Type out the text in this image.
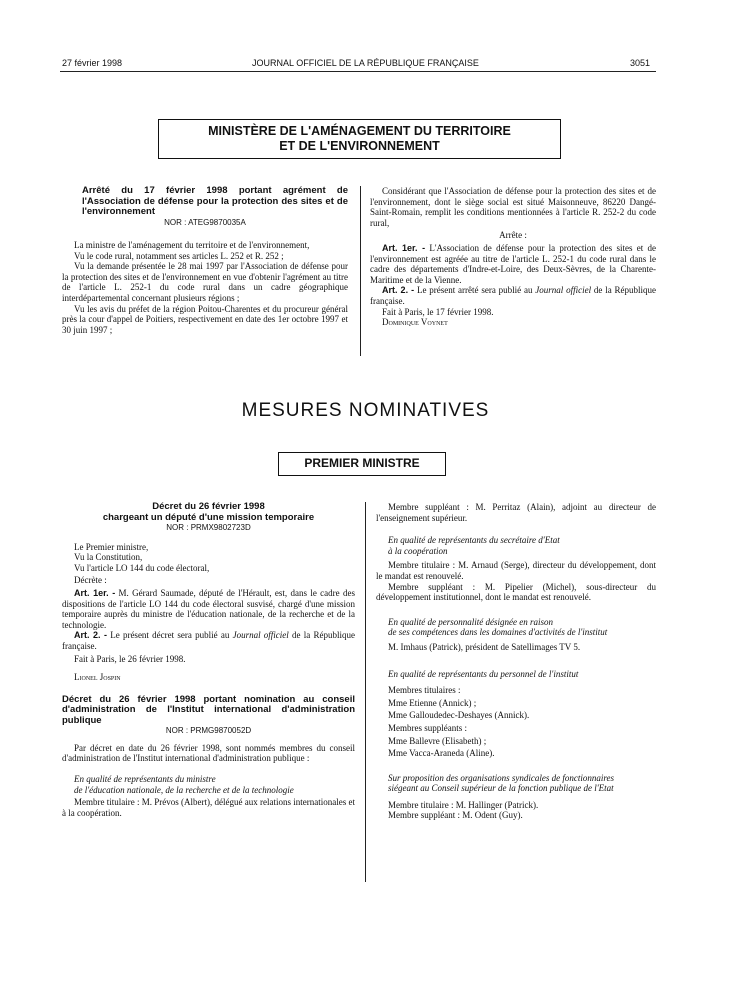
27 février 1998	JOURNAL OFFICIEL DE LA RÉPUBLIQUE FRANÇAISE	3051
MINISTÈRE DE L'AMÉNAGEMENT DU TERRITOIRE
ET DE L'ENVIRONNEMENT

Arrêté du 17 février 1998 portant agrément de l'Association de défense pour la protection des sites et de l'environnement

NOR : ATEG9870035A

La ministre de l'aménagement du territoire et de l'environnement,

Vu le code rural, notamment ses articles L. 252 et R. 252 ;

Vu la demande présentée le 28 mai 1997 par l'Association de défense pour la protection des sites et de l'environnement en vue d'obtenir l'agrément au titre de l'article L. 252-1 du code rural dans un cadre géographique interdépartemental concernant plusieurs régions ;

Vu les avis du préfet de la région Poitou-Charentes et du procureur général près la cour d'appel de Poitiers, respectivement en date des 1er octobre 1997 et 30 juin 1997 ;

Considérant que l'Association de défense pour la protection des sites et de l'environnement, dont le siège social est situé Maisonneuve, 86220 Dangé-Saint-Romain, remplit les conditions mentionnées à l'article R. 252-2 du code rural,

Arrête :

Art. 1er. - L'Association de défense pour la protection des sites et de l'environnement est agréée au titre de l'article L. 252-1 du code rural dans le cadre des départements d'Indre-et-Loire, des Deux-Sèvres, de la Charente-Maritime et de la Vienne.

Art. 2. - Le présent arrêté sera publié au Journal officiel de la République française.

Fait à Paris, le 17 février 1998.

Dominique Voynet

MESURES NOMINATIVES
PREMIER MINISTRE

Décret du 26 février 1998

chargeant un député d'une mission temporaire

NOR : PRMX9802723D

Le Premier ministre,

Vu la Constitution,

Vu l'article LO 144 du code électoral,

Décrète :

Art. 1er. - M. Gérard Saumade, député de l'Hérault, est, dans le cadre des dispositions de l'article LO 144 du code électoral susvisé, chargé d'une mission temporaire auprès du ministre de l'éducation nationale, de la recherche et de la technologie.

Art. 2. - Le présent décret sera publié au Journal officiel de la République française.

Fait à Paris, le 26 février 1998.

Lionel Jospin

Décret du 26 février 1998 portant nomination au conseil d'administration de l'Institut international d'administration publique

NOR : PRMG9870052D

Par décret en date du 26 février 1998, sont nommés membres du conseil d'administration de l'Institut international d'administration publique :

En qualité de représentants du ministre

de l'éducation nationale, de la recherche et de la technologie

Membre titulaire : M. Prévos (Albert), délégué aux relations internationales et à la coopération.

Membre suppléant : M. Perritaz (Alain), adjoint au directeur de l'enseignement supérieur.

En qualité de représentants du secrétaire d'Etat

à la coopération

Membre titulaire : M. Arnaud (Serge), directeur du développement, dont le mandat est renouvelé.

Membre suppléant : M. Pipelier (Michel), sous-directeur du développement institutionnel, dont le mandat est renouvelé.

En qualité de personnalité désignée en raison

de ses compétences dans les domaines d'activités de l'institut

M. Imhaus (Patrick), président de Satellimages TV 5.

En qualité de représentants du personnel de l'institut

Membres titulaires :

Mme Etienne (Annick) ;

Mme Galloudedec-Deshayes (Annick).

Membres suppléants :

Mme Ballevre (Elisabeth) ;

Mme Vacca-Araneda (Aline).

Sur proposition des organisations syndicales de fonctionnaires

siégeant au Conseil supérieur de la fonction publique de l'Etat

Membre titulaire : M. Hallinger (Patrick).

Membre suppléant : M. Odent (Guy).
